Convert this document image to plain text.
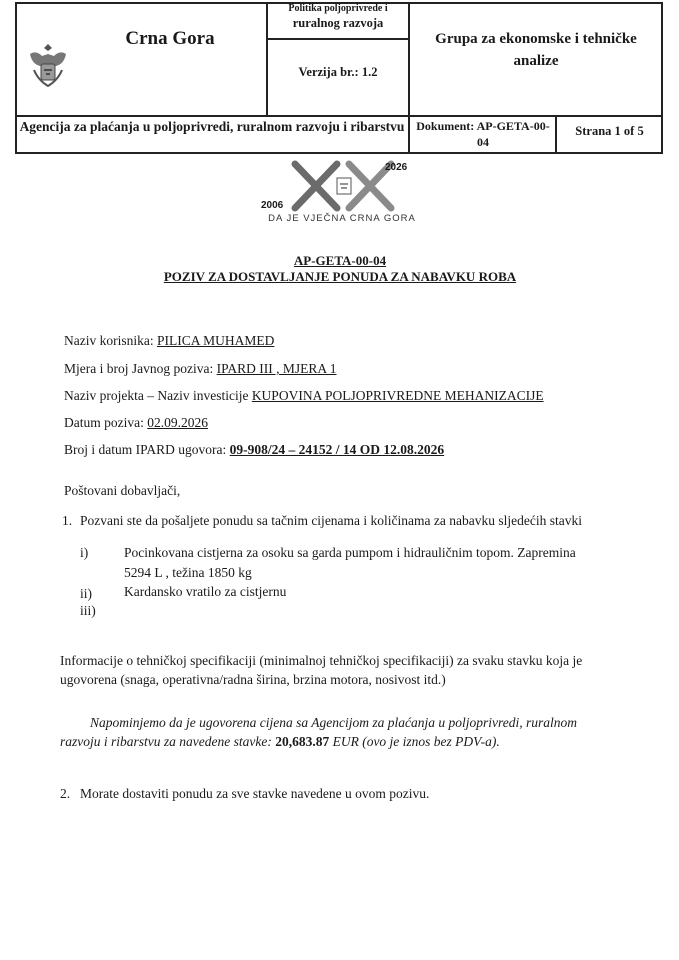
Crna Gora
Politika poljoprivrede i
ruralnog razvoja
Verzija br.: 1.2
Grupa za ekonomske i tehničke analize
Agencija za plaćanja u poljoprivredi, ruralnom razvoju i ribarstvu Dokument: AP-GETA-00-04
Strana 1 of 5
2006
2026
DA JE VJEČNA CRNA GORA
AP-GETA-00-04
POZIV ZA DOSTAVLJANJE PONUDA ZA NABAVKU ROBA
Naziv korisnika: PILICA MUHAMED
Mjera i broj Javnog poziva: IPARD III , MJERA 1
Naziv projekta – Naziv investicije KUPOVINA POLJOPRIVREDNE MEHANIZACIJE
Datum poziva: 02.09.2026
Broj i datum IPARD ugovora: 09-908/24 – 24152 / 14 OD 12.08.2026
Poštovani dobavljači,
1. Pozvani ste da pošaljete ponudu sa tačnim cijenama i količinama za nabavku sljedećih stavki
i)	Pocinkovana cistjerna za osoku sa garda pumpom i hidrauličnim topom. Zapremina
5294 L , težina 1850 kg
ii) Kardansko vratilo za cistjernu
iii)
Informacije o tehničkoj specifikaciji (minimalnoj tehničkoj specifikaciji) za svaku stavku koja je
ugovorena (snaga, operativna/radna širina, brzina motora, nosivost itd.)
Napominjemo da je ugovorena cijena sa Agencijom za plaćanja u poljoprivredi, ruralnom
razvoju i ribarstvu za navedene stavke: 20,683.87 EUR (ovo je iznos bez PDV-a).
2. Morate dostaviti ponudu za sve stavke navedene u ovom pozivu.
